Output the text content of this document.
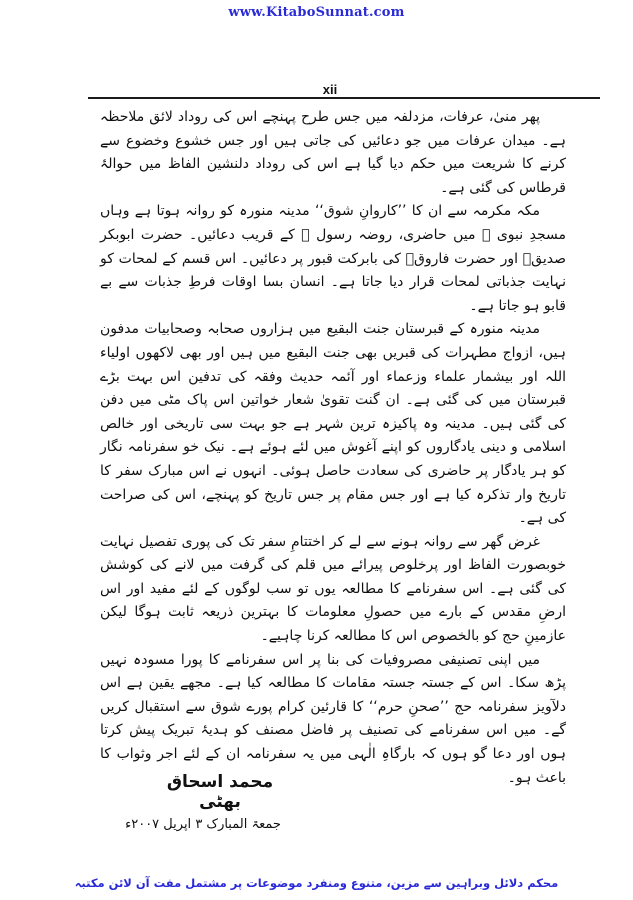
www.KitaboSunnat.com
xii

پھر منیٰ، عرفات، مزدلفہ میں جس طرح پہنچے اس کی روداد لائق ملاحظہ ہے۔ میدان عرفات میں جو دعائیں کی جاتی ہیں اور جس خشوع وخضوع سے کرنے کا شریعت میں حکم دیا گیا ہے اس کی روداد دلنشین الفاظ میں حوالۂ قرطاس کی گئی ہے۔

مکہ مکرمہ سے ان کا ’’کاروانِ شوق‘‘ مدینہ منورہ کو روانہ ہوتا ہے وہاں مسجدِ نبوی ﷺ میں حاضری، روضہ رسول ﷺ کے قریب دعائیں۔ حضرت ابوبکر صدیقؓ اور حضرت فاروقؓ کی بابرکت قبور پر دعائیں۔ اس قسم کے لمحات کو نہایت جذباتی لمحات قرار دیا جاتا ہے۔ انسان بسا اوقات فرطِ جذبات سے بے قابو ہو جاتا ہے۔

مدینہ منورہ کے قبرستان جنت البقیع میں ہزاروں صحابہ وصحابیات مدفون ہیں، ازواج مطہرات کی قبریں بھی جنت البقیع میں ہیں اور بھی لاکھوں اولیاء اللہ اور بیشمار علماء وزعماء اور آئمہ حدیث وفقہ کی تدفین اس بہت بڑے قبرستان میں کی گئی ہے۔ ان گنت تقویٰ شعار خواتین اس پاک مٹی میں دفن کی گئی ہیں۔ مدینہ وہ پاکیزہ ترین شہر ہے جو بہت سی تاریخی اور خالص اسلامی و دینی یادگاروں کو اپنے آغوش میں لئے ہوئے ہے۔ نیک خو سفرنامہ نگار کو ہر یادگار پر حاضری کی سعادت حاصل ہوئی۔ انہوں نے اس مبارک سفر کا تاریخ وار تذکرہ کیا ہے اور جس مقام پر جس تاریخ کو پہنچے، اس کی صراحت کی ہے۔

غرض گھر سے روانہ ہونے سے لے کر اختتامِ سفر تک کی پوری تفصیل نہایت خوبصورت الفاظ اور پرخلوص پیرائے میں قلم کی گرفت میں لانے کی کوشش کی گئی ہے۔ اس سفرنامے کا مطالعہ یوں تو سب لوگوں کے لئے مفید اور اس ارضِ مقدس کے بارے میں حصولِ معلومات کا بہترین ذریعہ ثابت ہوگا لیکن عازمینِ حج کو بالخصوص اس کا مطالعہ کرنا چاہیے۔

میں اپنی تصنیفی مصروفیات کی بنا پر اس سفرنامے کا پورا مسودہ نہیں پڑھ سکا۔ اس کے جستہ جستہ مقامات کا مطالعہ کیا ہے۔ مجھے یقین ہے اس دلآویز سفرنامہ حج ’’صحنِ حرم‘‘ کا قارئین کرام پورے شوق سے استقبال کریں گے۔ میں اس سفرنامے کی تصنیف پر فاضل مصنف کو ہدیۂ تبریک پیش کرتا ہوں اور دعا گو ہوں کہ بارگاہِ الٰہی میں یہ سفرنامہ ان کے لئے اجر وثواب کا باعث ہو۔

محمد اسحاق بھٹی
جمعۃ المبارک ۳ اپریل ۲۰۰۷ء
محکم دلائل وبراہین سے مزین، متنوع ومنفرد موضوعات پر مشتمل مفت آن لائن مکتبہ
